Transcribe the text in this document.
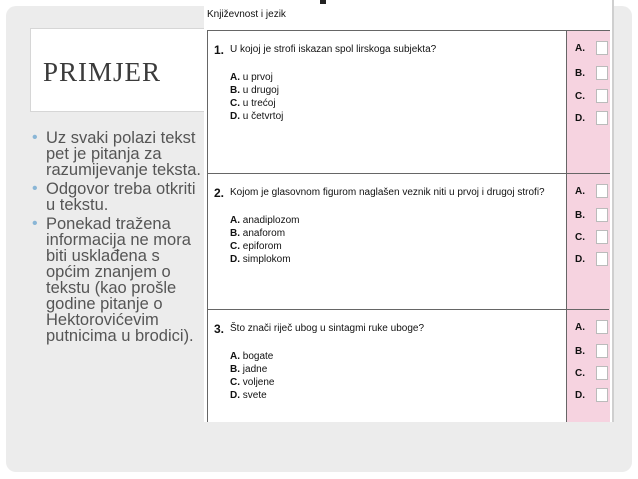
PRIMJER
• Uz svaki polazi tekst pet je pitanja za razumijevanje teksta.
• Odgovor treba otkriti u tekstu.
• Ponekad tražena informacija ne mora biti usklađena s općim znanjem o tekstu (kao prošle godine pitanje o Hektorovićevim putnicima u brodici).
Književnost i jezik
1. U kojoj je strofi iskazan spol lirskoga subjekta?
A. u prvoj
B. u drugoj
C. u trećoj
D. u četvrtoj
A.
B.
C.
D.
2. Kojom je glasovnom figurom naglašen veznik niti u prvoj i drugoj strofi?
A. anadiplozom
B. anaforom
C. epiforom
D. simplokom
A.
B.
C.
D.
3. Što znači riječ ubog u sintagmi ruke uboge?
A. bogate
B. jadne
C. voljene
D. svete
A.
B.
C.
D.
